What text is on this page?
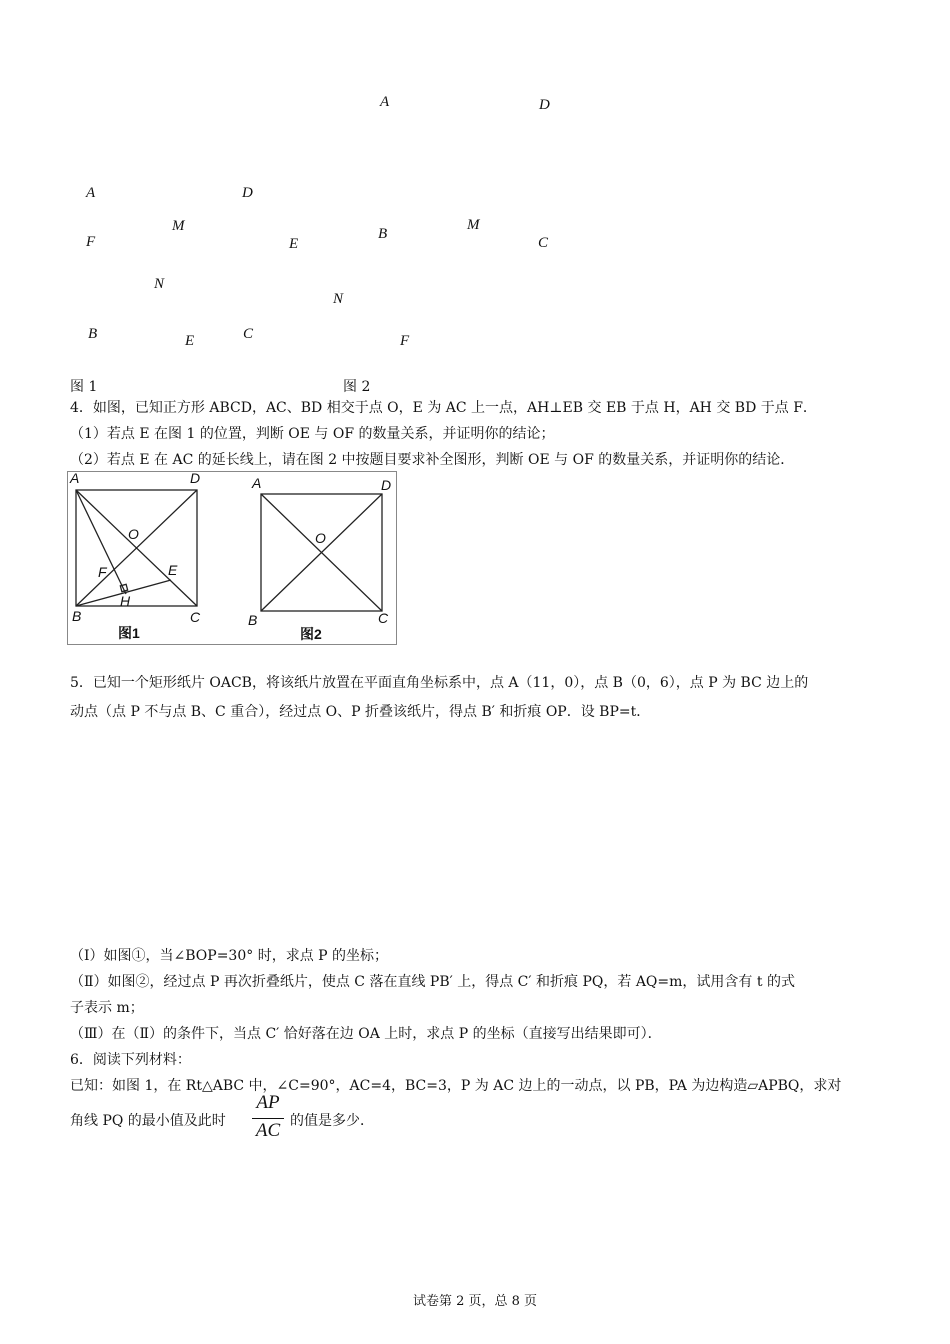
A	D
A	D
M	M
B
F	E	C
N
N
B	C
E	F
图 1	图 2
4．如图，已知正方形 ABCD，AC、BD 相交于点 O，E 为 AC 上一点，AH⊥EB 交 EB 于点 H，AH 交 BD 于点 F．
（1）若点 E 在图 1 的位置，判断 OE 与 OF 的数量关系，并证明你的结论；
（2）若点 E 在 AC 的延长线上，请在图 2 中按题目要求补全图形，判断 OE 与 OF 的数量关系，并证明你的结论．
A	D
O
F	E
H
B	C
图1
A	D
O
B	C
图2
5．已知一个矩形纸片 OACB，将该纸片放置在平面直角坐标系中，点 A（11，0），点 B（0，6），点 P 为 BC 边上的
动点（点 P 不与点 B、C 重合），经过点 O、P 折叠该纸片，得点 B′ 和折痕 OP．设 BP=t．
（Ⅰ）如图①，当∠BOP=30° 时，求点 P 的坐标；
（Ⅱ）如图②，经过点 P 再次折叠纸片，使点 C 落在直线 PB′ 上，得点 C′ 和折痕 PQ，若 AQ=m，试用含有 t 的式
子表示 m；
（Ⅲ）在（Ⅱ）的条件下，当点 C′ 恰好落在边 OA 上时，求点 P 的坐标（直接写出结果即可）．
6．阅读下列材料：
已知：如图 1，在 Rt△ABC 中，∠C=90°，AC=4，BC=3，P 为 AC 边上的一动点，以 PB，PA 为边构造▱APBQ，求对
角线 PQ 的最小值及此时
AP
AC 的值是多少．
试卷第 2 页，总 8 页
